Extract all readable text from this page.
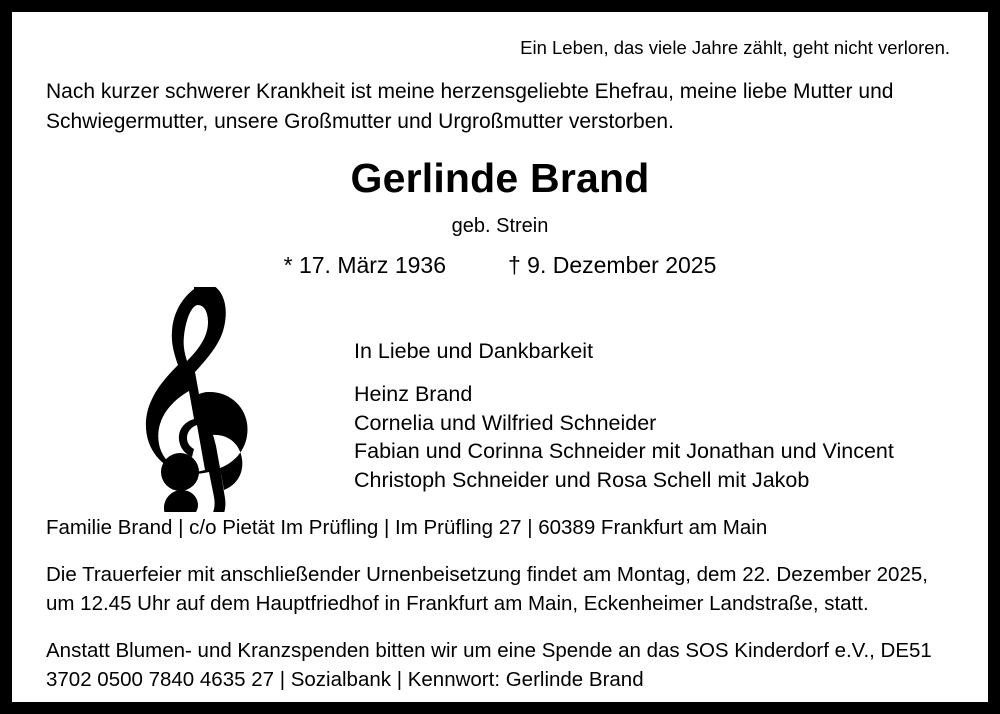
Ein Leben, das viele Jahre zählt, geht nicht verloren.
Nach kurzer schwerer Krankheit ist meine herzensgeliebte Ehefrau, meine liebe Mutter und Schwiegermutter, unsere Großmutter und Urgroßmutter verstorben.
Gerlinde Brand
geb. Strein
* 17. März 1936	† 9. Dezember 2025
In Liebe und Dankbarkeit
Heinz Brand
Cornelia und Wilfried Schneider
Fabian und Corinna Schneider mit Jonathan und Vincent
Christoph Schneider und Rosa Schell mit Jakob

Familie Brand | c/o Pietät Im Prüfling | Im Prüfling 27 | 60389 Frankfurt am Main

Die Trauerfeier mit anschließender Urnenbeisetzung findet am Montag, dem 22. Dezember 2025, um 12.45 Uhr auf dem Hauptfriedhof in Frankfurt am Main, Eckenheimer Landstraße, statt.

Anstatt Blumen- und Kranzspenden bitten wir um eine Spende an das SOS Kinderdorf e.V., DE51 3702 0500 7840 4635 27 | Sozialbank | Kennwort: Gerlinde Brand
